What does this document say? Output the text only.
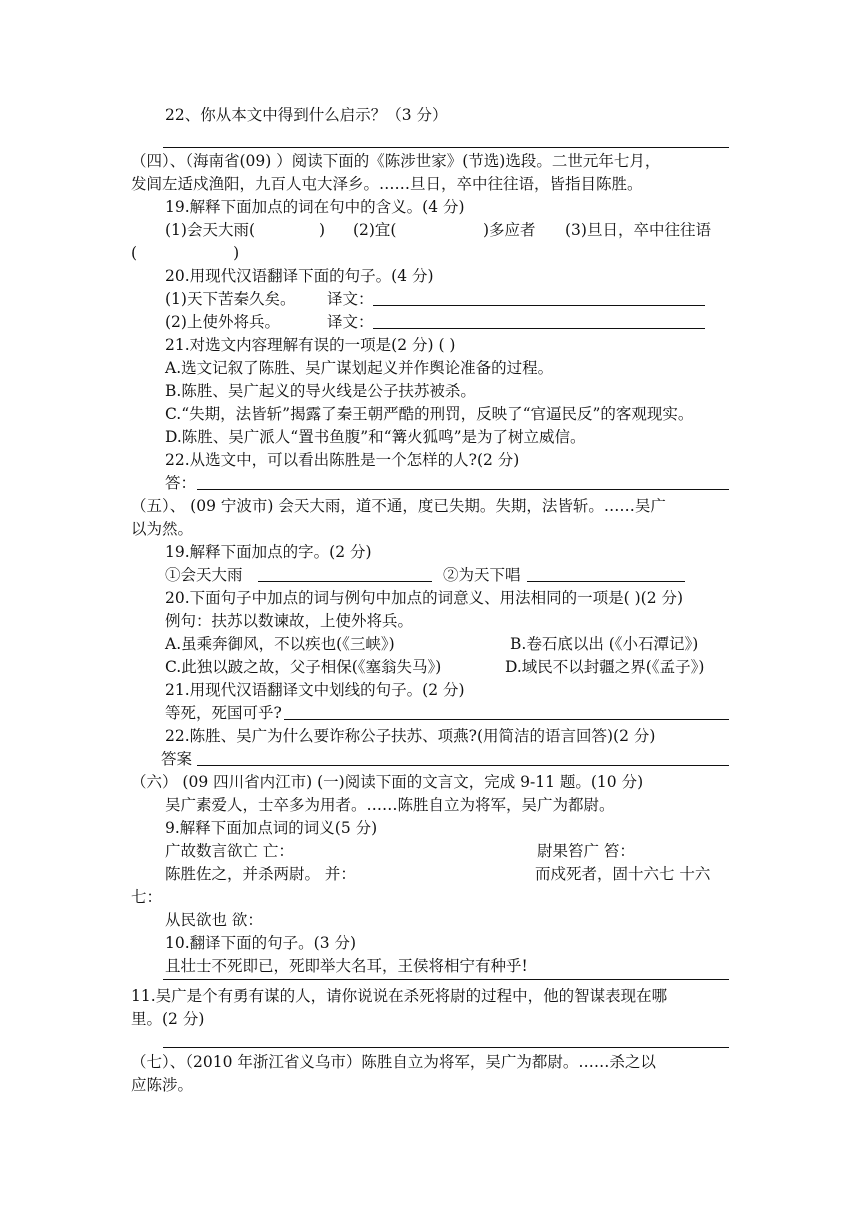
22、你从本文中得到什么启示？（3 分）
（四）、（海南省(09) ）阅读下面的《陈涉世家》(节选)选段。二世元年七月，
发闾左适戍渔阳，九百人屯大泽乡。……旦日，卒中往往语，皆指目陈胜。
19.解释下面加点的词在句中的含义。(4 分)
(1)会天大雨(	) (2)宜(	)多应者 (3)旦日，卒中往往语
(	)
20.用现代汉语翻译下面的句子。(4 分)
(1)天下苦秦久矣。 译文：
(2)上使外将兵。	译文：
21.对选文内容理解有误的一项是(2 分) ( )
A.选文记叙了陈胜、吴广谋划起义并作舆论准备的过程。
B.陈胜、吴广起义的导火线是公子扶苏被杀。
C.“失期，法皆斩”揭露了秦王朝严酷的刑罚，反映了“官逼民反”的客观现实。
D.陈胜、吴广派人“置书鱼腹”和“篝火狐鸣”是为了树立威信。
22.从选文中，可以看出陈胜是一个怎样的人?(2 分)
答：
（五）、 (09 宁波市) 会天大雨，道不通，度已失期。失期，法皆斩。……吴广
以为然。
19.解释下面加点的字。(2 分)
①会天大雨	②为天下唱
20.下面句子中加点的词与例句中加点的词意义、用法相同的一项是( )(2 分)
例句：扶苏以数谏故，上使外将兵。
A.虽乘奔御风，不以疾也(《三峡》)	B.卷石底以出 (《小石潭记》)
C.此独以跛之故，父子相保(《塞翁失马》)	D.域民不以封疆之界(《孟子》)
21.用现代汉语翻译文中划线的句子。(2 分)
等死，死国可乎?
22.陈胜、吴广为什么要诈称公子扶苏、项燕?(用简洁的语言回答)(2 分)
答案
（六） (09 四川省内江市) (一)阅读下面的文言文，完成 9-11 题。(10 分)
吴广素爱人，士卒多为用者。……陈胜自立为将军，吴广为都尉。
9.解释下面加点词的词义(5 分)
广故数言欲亡 亡：	尉果笞广 笞：
陈胜佐之，并杀两尉。 并：	而戍死者，固十六七 十六
七：
从民欲也 欲：
10.翻译下面的句子。(3 分)
且壮士不死即已，死即举大名耳，王侯将相宁有种乎!
11.吴广是个有勇有谋的人，请你说说在杀死将尉的过程中，他的智谋表现在哪
里。(2 分)
（七）、（2010 年浙江省义乌市）陈胜自立为将军，吴广为都尉。……杀之以
应陈涉。
